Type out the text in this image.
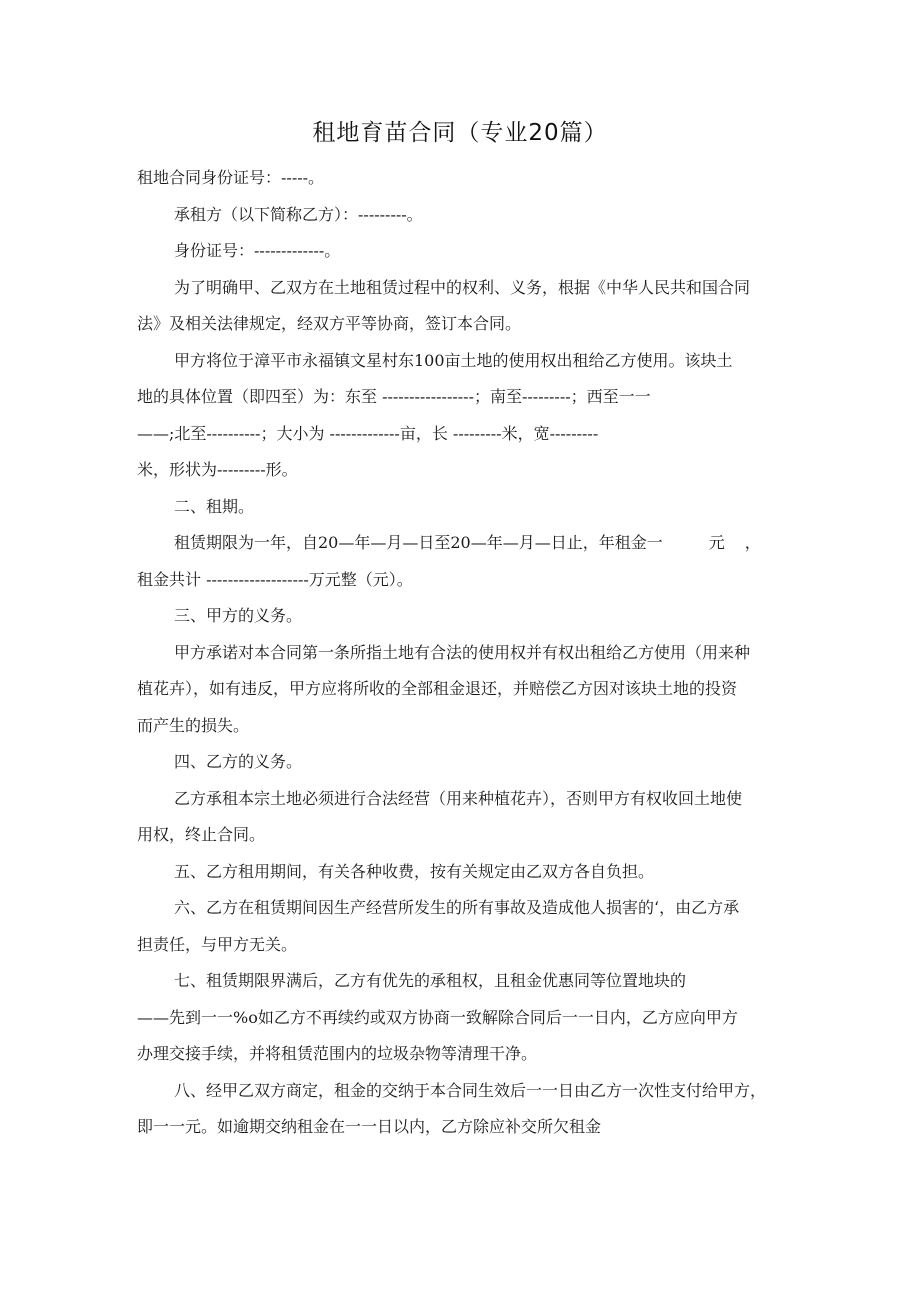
租地育苗合同（专业20篇）

租地合同身份证号：-----。

承租方（以下简称乙方）：---------。

身份证号：-------------。

为了明确甲、乙双方在土地租赁过程中的权利、义务，根据《中华人民共和国合同

法》及相关法律规定，经双方平等协商，签订本合同。

甲方将位于漳平市永福镇文星村东100亩土地的使用权出租给乙方使用。该块土

地的具体位置（即四至）为：东至 -----------------；南至---------；西至一一

——;北至----------；大小为 -------------亩，长 ---------米，宽---------

米，形状为---------形。

二、租期。

租赁期限为一年，自20—年—月—日至20—年—月—日止，年租金一	元 ，

租金共计 -------------------万元整（元）。

三、甲方的义务。

甲方承诺对本合同第一条所指土地有合法的使用权并有权出租给乙方使用（用来种

植花卉），如有违反，甲方应将所收的全部租金退还，并赔偿乙方因对该块土地的投资

而产生的损失。

四、乙方的义务。

乙方承租本宗土地必须进行合法经营（用来种植花卉），否则甲方有权收回土地使

用权，终止合同。

五、乙方租用期间，有关各种收费，按有关规定由乙双方各自负担。

六、乙方在租赁期间因生产经营所发生的所有事故及造成他人损害的‘，由乙方承

担责任，与甲方无关。

七、租赁期限界满后，乙方有优先的承租权，且租金优惠同等位置地块的

——先到一一%o如乙方不再续约或双方协商一致解除合同后一一日内，乙方应向甲方

办理交接手续，并将租赁范围内的垃圾杂物等清理干净。

八、经甲乙双方商定，租金的交纳于本合同生效后一一日由乙方一次性支付给甲方，

即一一元。如逾期交纳租金在一一日以内，乙方除应补交所欠租金
